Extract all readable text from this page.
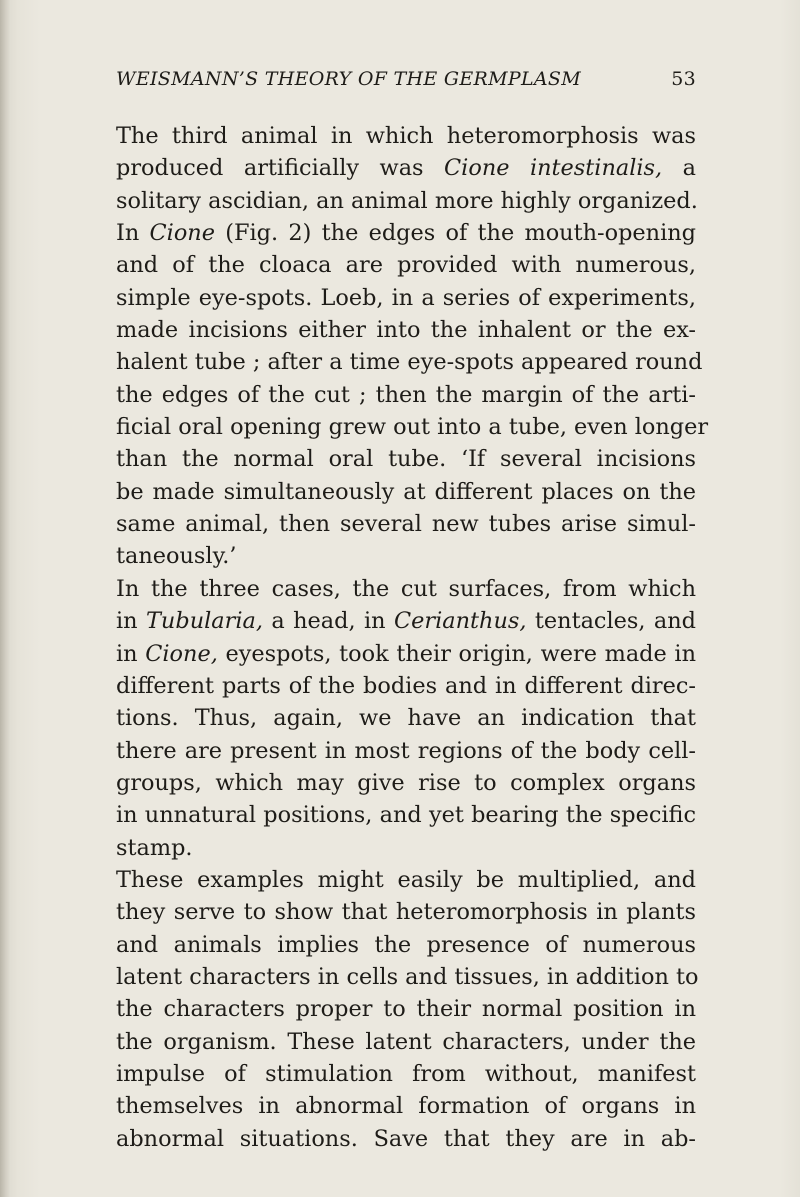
WEISMANN’S THEORY OF THE GERMPLASM	53
The third animal in which heteromorphosis was
produced artificially was Cione intestinalis, a
solitary ascidian, an animal more highly organized.
In Cione (Fig. 2) the edges of the mouth-opening
and of the cloaca are provided with numerous,
simple eye-spots. Loeb, in a series of experiments,
made incisions either into the inhalent or the ex-
halent tube ; after a time eye-spots appeared round
the edges of the cut ; then the margin of the arti-
ficial oral opening grew out into a tube, even longer
than the normal oral tube. ‘If several incisions
be made simultaneously at different places on the
same animal, then several new tubes arise simul-
taneously.’
In the three cases, the cut surfaces, from which
in Tubularia, a head, in Cerianthus, tentacles, and
in Cione, eyespots, took their origin, were made in
different parts of the bodies and in different direc-
tions. Thus, again, we have an indication that
there are present in most regions of the body cell-
groups, which may give rise to complex organs
in unnatural positions, and yet bearing the specific
stamp.
These examples might easily be multiplied, and
they serve to show that heteromorphosis in plants
and animals implies the presence of numerous
latent characters in cells and tissues, in addition to
the characters proper to their normal position in
the organism. These latent characters, under the
impulse of stimulation from without, manifest
themselves in abnormal formation of organs in
abnormal situations. Save that they are in ab-
